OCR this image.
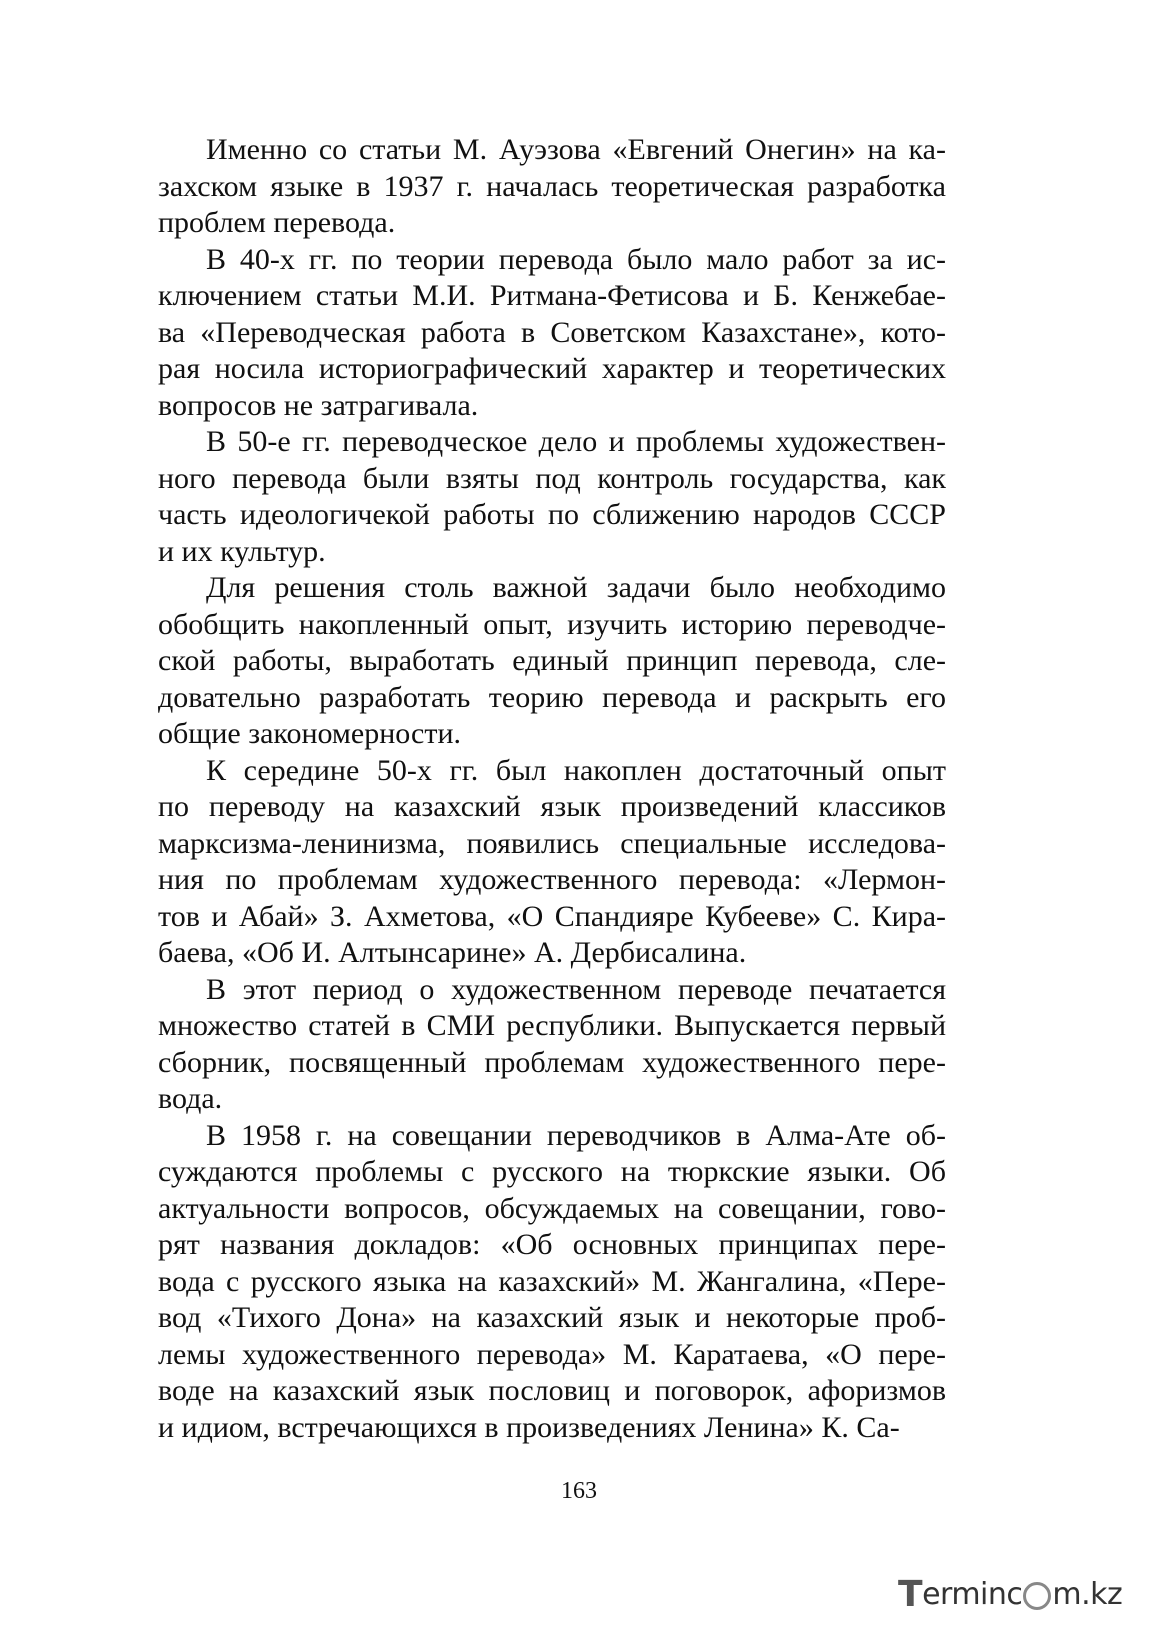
Именно со статьи М. Ауэзова «Евгений Онегин» на ка-
захском языке в 1937 г. началась теоретическая разработка
проблем перевода.
В 40-х гг. по теории перевода было мало работ за ис-
ключением статьи М.И. Ритмана-Фетисова и Б. Кенжебае-
ва «Переводческая работа в Советском Казахстане», кото-
рая носила историографический характер и теоретических
вопросов не затрагивала.
В 50-е гг. переводческое дело и проблемы художествен-
ного перевода были взяты под контроль государства, как
часть идеологичекой работы по сближению народов СССР
и их культур.
Для решения столь важной задачи было необходимо
обобщить накопленный опыт, изучить историю переводче-
ской работы, выработать единый принцип перевода, сле-
довательно разработать теорию перевода и раскрыть его
общие закономерности.
К середине 50-х гг. был накоплен достаточный опыт
по переводу на казахский язык произведений классиков
марксизма-ленинизма, появились специальные исследова-
ния по проблемам художественного перевода: «Лермон-
тов и Абай» З. Ахметова, «О Спандияре Кубееве» С. Кира-
баева, «Об И. Алтынсарине» А. Дербисалина.
В этот период о художественном переводе печатается
множество статей в СМИ республики. Выпускается первый
сборник, посвященный проблемам художественного пере-
вода.
В 1958 г. на совещании переводчиков в Алма-Ате об-
суждаются проблемы с русского на тюркские языки. Об
актуальности вопросов, обсуждаемых на совещании, гово-
рят названия докладов: «Об основных принципах пере-
вода с русского языка на казахский» М. Жангалина, «Пере-
вод «Тихого Дона» на казахский язык и некоторые проб-
лемы художественного перевода» М. Каратаева, «О пере-
воде на казахский язык пословиц и поговорок, афоризмов
и идиом, встречающихся в произведениях Ленина» К. Са-
163
T erminc m.kz
